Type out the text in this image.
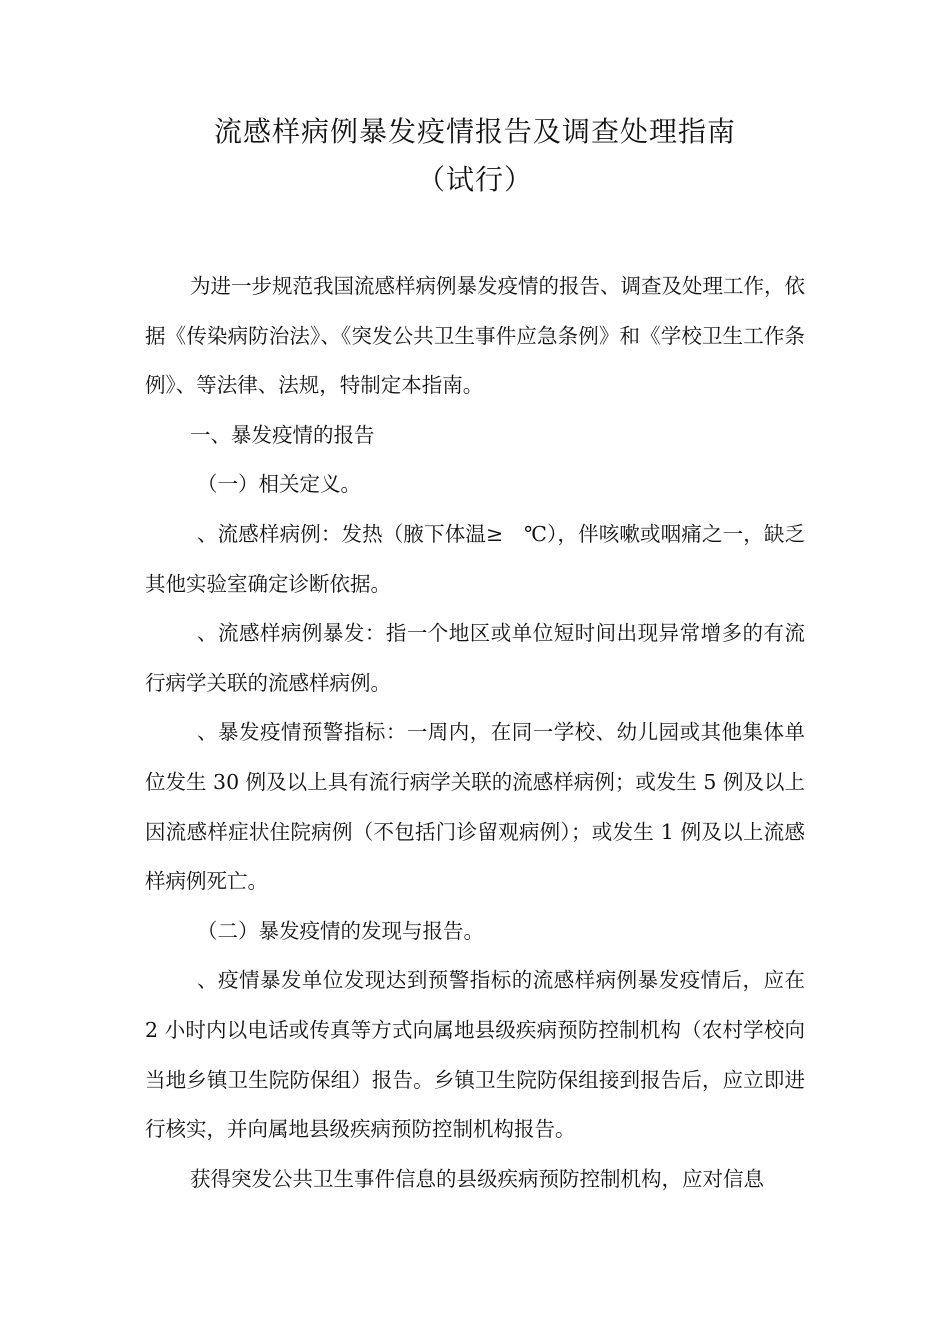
流感样病例暴发疫情报告及调查处理指南
（试行）

为进一步规范我国流感样病例暴发疫情的报告、调查及处理工作，依据《传染病防治法》、《突发公共卫生事件应急条例》和《学校卫生工作条例》、等法律、法规，特制定本指南。

一、暴发疫情的报告

（一）相关定义。

、流感样病例：发热（腋下体温≥　℃），伴咳嗽或咽痛之一，缺乏其他实验室确定诊断依据。

、流感样病例暴发：指一个地区或单位短时间出现异常增多的有流行病学关联的流感样病例。

、暴发疫情预警指标：一周内，在同一学校、幼儿园或其他集体单位发生 30 例及以上具有流行病学关联的流感样病例；或发生 5 例及以上因流感样症状住院病例（不包括门诊留观病例）；或发生 1 例及以上流感样病例死亡。

（二）暴发疫情的发现与报告。

、疫情暴发单位发现达到预警指标的流感样病例暴发疫情后，应在 2 小时内以电话或传真等方式向属地县级疾病预防控制机构（农村学校向当地乡镇卫生院防保组）报告。乡镇卫生院防保组接到报告后，应立即进行核实，并向属地县级疾病预防控制机构报告。

获得突发公共卫生事件信息的县级疾病预防控制机构，应对信息
